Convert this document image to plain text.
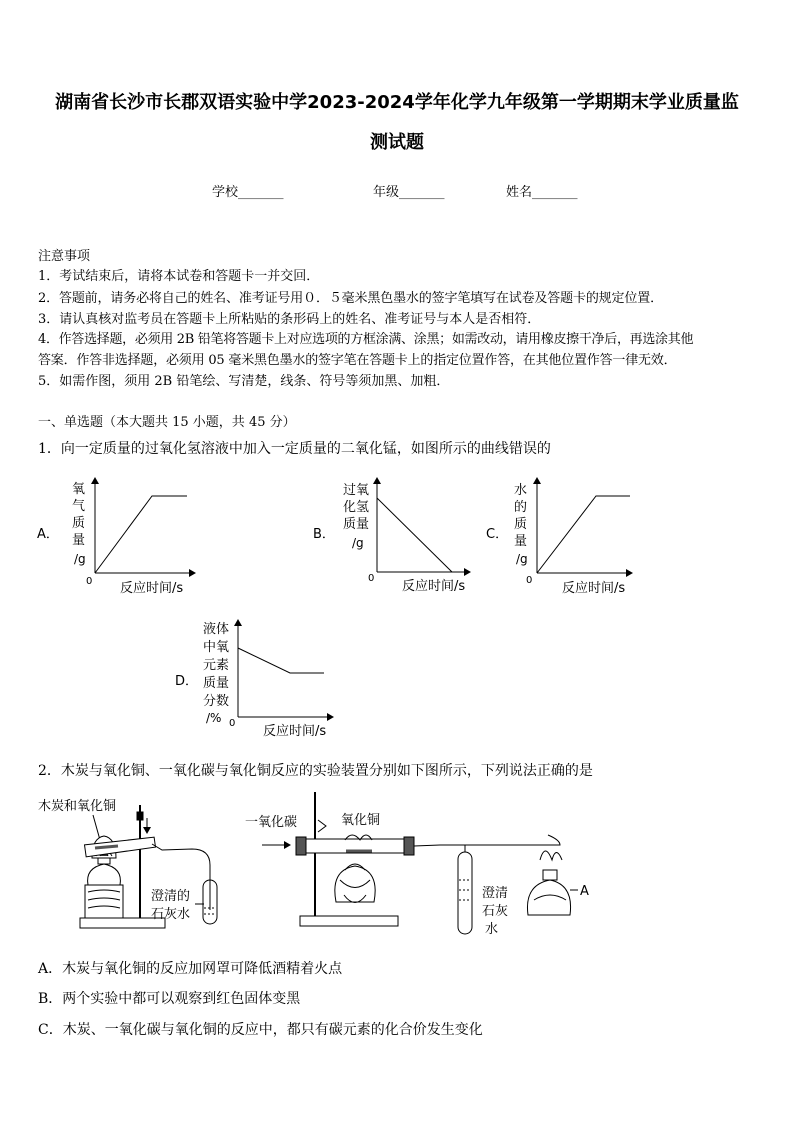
湖南省长沙市长郡双语实验中学2023-2024学年化学九年级第一学期期末学业质量监
测试题
学校_______	年级_______	姓名_______
注意事项
1．考试结束后，请将本试卷和答题卡一并交回．
2．答题前，请务必将自己的姓名、准考证号用０．５毫米黑色墨水的签字笔填写在试卷及答题卡的规定位置．
3．请认真核对监考员在答题卡上所粘贴的条形码上的姓名、准考证号与本人是否相符．
4．作答选择题，必须用 2B 铅笔将答题卡上对应选项的方框涂满、涂黑；如需改动，请用橡皮擦干净后，再选涂其他
答案．作答非选择题，必须用 05 毫米黑色墨水的签字笔在答题卡上的指定位置作答，在其他位置作答一律无效．
5．如需作图，须用 2B 铅笔绘、写清楚，线条、符号等须加黑、加粗．
一、单选题（本大题共 15 小题，共 45 分）
1．向一定质量的过氧化氢溶液中加入一定质量的二氧化锰，如图所示的曲线错误的
A．
氧
气
质
量
/g
0 反应时间/s
B．
过氧
化氢
质量
/g
0
反应时间/s
C．
水
的
质
量
/g
0
反应时间/s
D．
液体
中氧
元素
质量
分数
/% 0
反应时间/s
木炭和氧化铜
澄清的
石灰水
一氧化碳	氧化铜
澄清
石灰
水
A
2．木炭与氧化铜、一氧化碳与氧化铜反应的实验装置分别如下图所示，下列说法正确的是
A．木炭与氧化铜的反应加网罩可降低酒精着火点
B．两个实验中都可以观察到红色固体变黑
C．木炭、一氧化碳与氧化铜的反应中，都只有碳元素的化合价发生变化
